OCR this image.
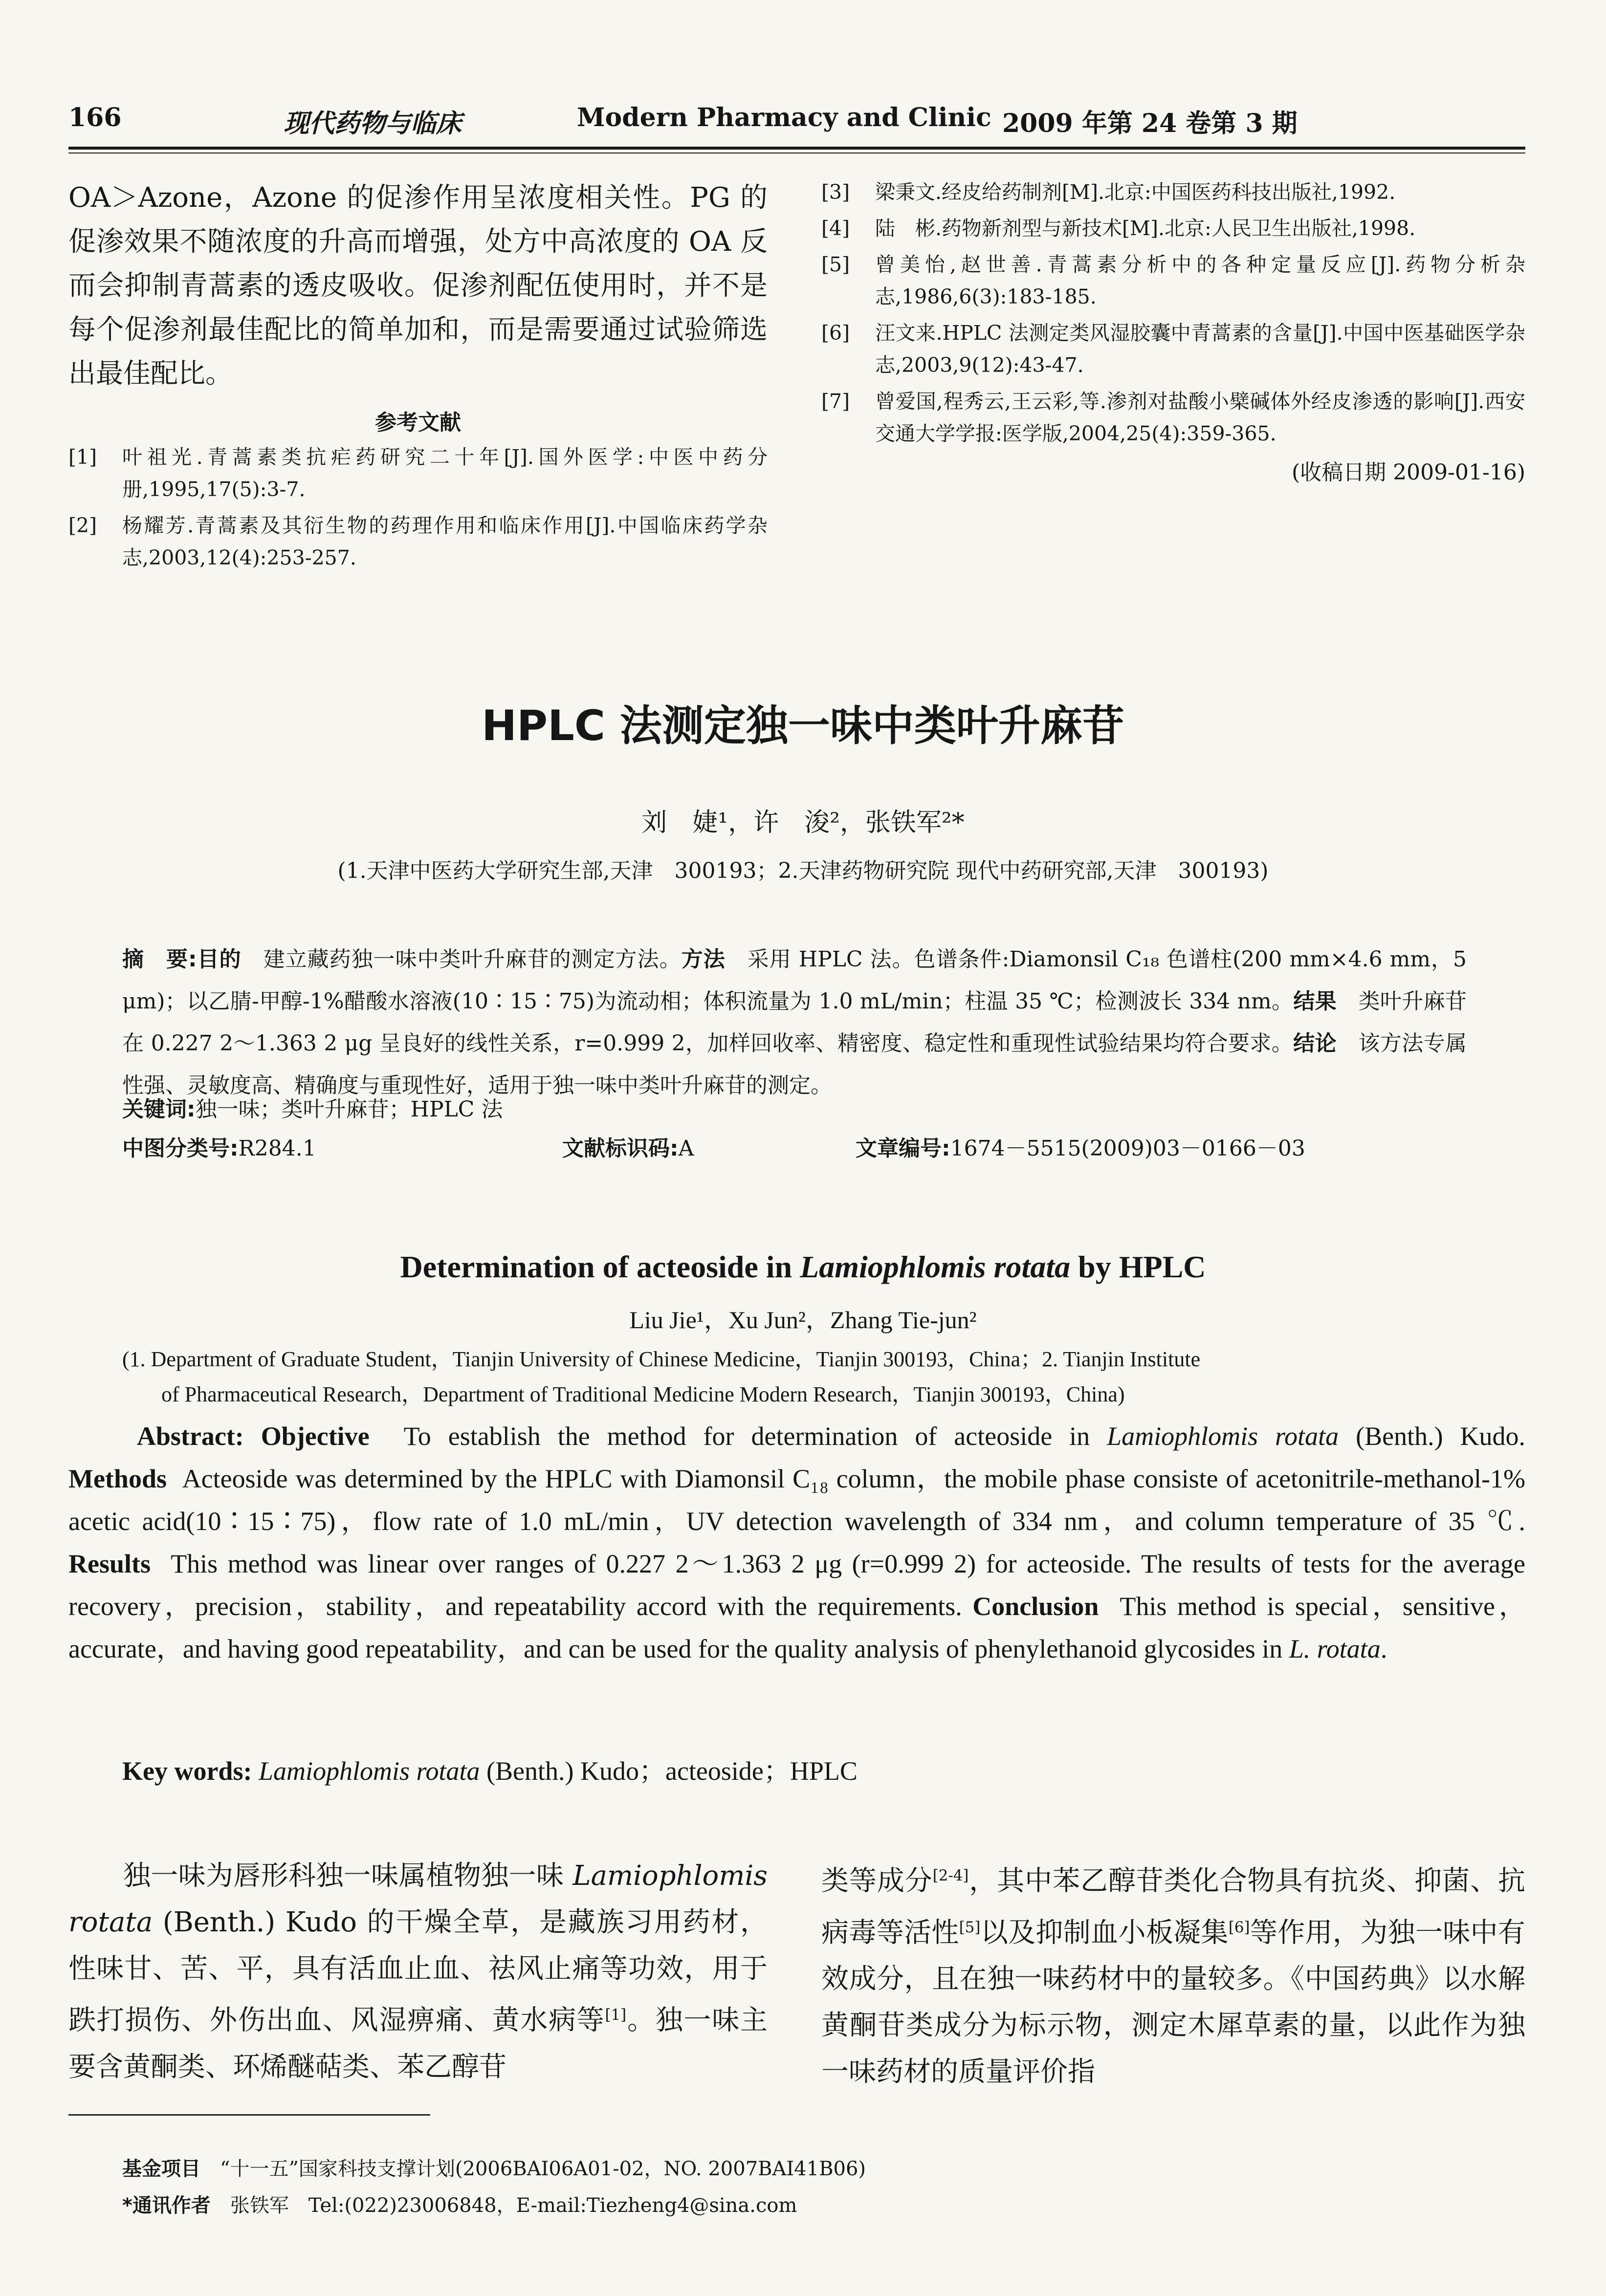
166	现代药物与临床	Modern Pharmacy and Clinic 2009 年第 24 卷第 3 期

OA＞Azone，Azone 的促渗作用呈浓度相关性。PG 的促渗效果不随浓度的升高而增强，处方中高浓度的 OA 反而会抑制青蒿素的透皮吸收。促渗剂配伍使用时，并不是每个促渗剂最佳配比的简单加和，而是需要通过试验筛选出最佳配比。

参考文献
[1]	叶祖光.青蒿素类抗疟药研究二十年[J].国外医学:中医中药分册,1995,17(5):3-7.
[2]	杨耀芳.青蒿素及其衍生物的药理作用和临床作用[J].中国临床药学杂志,2003,12(4):253-257.
[3]	梁秉文.经皮给药制剂[M].北京:中国医药科技出版社,1992.
[4]	陆　彬.药物新剂型与新技术[M].北京:人民卫生出版社,1998.
[5]	曾美怡,赵世善.青蒿素分析中的各种定量反应[J].药物分析杂志,1986,6(3):183-185.
[6]	汪文来.HPLC 法测定类风湿胶囊中青蒿素的含量[J].中国中医基础医学杂志,2003,9(12):43-47.
[7]	曾爱国,程秀云,王云彩,等.渗剂对盐酸小檗碱体外经皮渗透的影响[J].西安交通大学学报:医学版,2004,25(4):359-365.
(收稿日期 2009-01-16)
HPLC 法测定独一味中类叶升麻苷
刘　婕¹，许　浚²，张铁军²*
(1.天津中医药大学研究生部,天津　300193；2.天津药物研究院 现代中药研究部,天津　300193)
摘　要:目的　 建立藏药独一味中类叶升麻苷的测定方法。方法　 采用 HPLC 法。色谱条件:Diamonsil C₁₈ 色谱柱(200 mm×4.6 mm，5 μm)；以乙腈-甲醇-1%醋酸水溶液(10∶15∶75)为流动相；体积流量为 1.0 mL/min；柱温 35 ℃；检测波长 334 nm。结果　 类叶升麻苷在 0.227 2～1.363 2 μg 呈良好的线性关系，r=0.999 2，加样回收率、精密度、稳定性和重现性试验结果均符合要求。结论　 该方法专属性强、灵敏度高、精确度与重现性好，适用于独一味中类叶升麻苷的测定。
关键词:独一味；类叶升麻苷；HPLC 法
中图分类号:R284.1	文献标识码:A	文章编号:1674－5515(2009)03－0166－03
Determination of acteoside in Lamiophlomis rotata by HPLC
Liu Jie¹，Xu Jun²，Zhang Tie-jun²
(1. Department of Graduate Student，Tianjin University of Chinese Medicine，Tianjin 300193，China；2. Tianjin Institute
of Pharmaceutical Research，Department of Traditional Medicine Modern Research，Tianjin 300193，China)
Abstract: Objective To establish the method for determination of acteoside in Lamiophlomis rotata (Benth.) Kudo. Methods Acteoside was determined by the HPLC with Diamonsil C₁₈ column，the mobile phase consiste of acetonitrile-methanol-1% acetic acid(10∶15∶75)，flow rate of 1.0 mL/min，UV detection wavelength of 334 nm，and column temperature of 35 ℃. Results This method was linear over ranges of 0.227 2～1.363 2 μg (r=0.999 2) for acteoside. The results of tests for the average recovery，precision，stability，and repeatability accord with the requirements. Conclusion This method is special，sensitive，accurate，and having good repeatability，and can be used for the quality analysis of phenylethanoid glycosides in L. rotata.
Key words: Lamiophlomis rotata (Benth.) Kudo；acteoside；HPLC

独一味为唇形科独一味属植物独一味 Lamiophlomis rotata (Benth.) Kudo 的干燥全草，是藏族习用药材，性味甘、苦、平，具有活血止血、祛风止痛等功效，用于跌打损伤、外伤出血、风湿痹痛、黄水病等[1]。独一味主要含黄酮类、环烯醚萜类、苯乙醇苷

类等成分[2-4]，其中苯乙醇苷类化合物具有抗炎、抑菌、抗病毒等活性[5]以及抑制血小板凝集[6]等作用，为独一味中有效成分，且在独一味药材中的量较多。《中国药典》以水解黄酮苷类成分为标示物，测定木犀草素的量，以此作为独一味药材的质量评价指

基金项目　 “十一五”国家科技支撑计划(2006BAI06A01-02，NO. 2007BAI41B06)
*通讯作者　 张铁军　Tel:(022)23006848，E-mail:Tiezheng4@sina.com
